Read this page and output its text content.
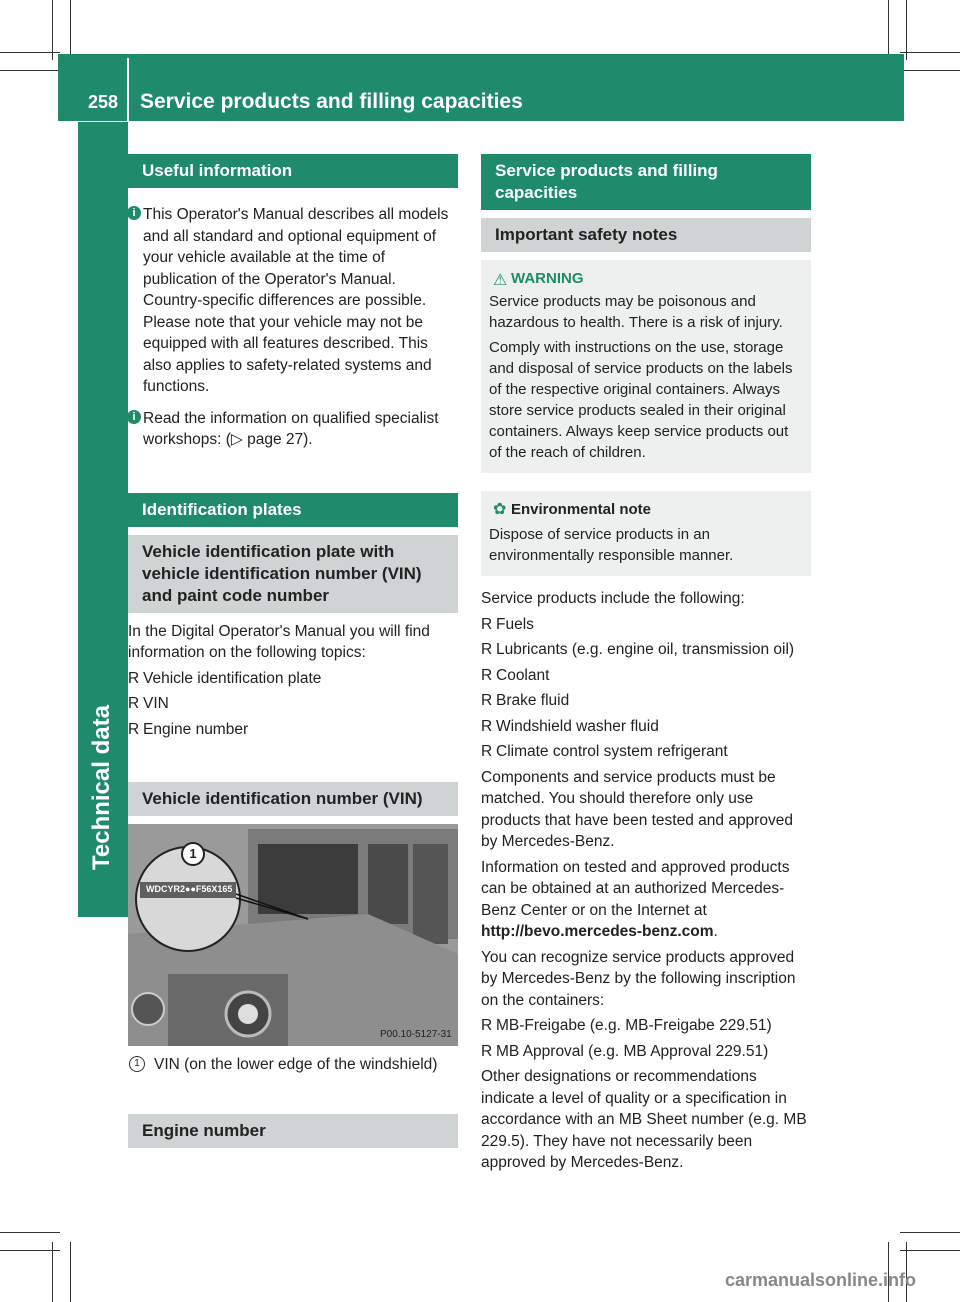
258 Service products and filling capacities
Technical data
Useful information
i This Operator's Manual describes all models and all standard and optional equipment of your vehicle available at the time of publication of the Operator's Manual. Country-specific differences are possible. Please note that your vehicle may not be equipped with all features described. This also applies to safety-related systems and functions.

i Read the information on qualified specialist workshops: (▷ page 27).

Identification plates
Vehicle identification plate with vehicle identification number (VIN) and paint code number

In the Digital Operator's Manual you will find information on the following topics:

R Vehicle identification plate
R VIN
R Engine number
Vehicle identification number (VIN)
WDCYR2●●F56X165
1
P00.10-5127-31
1 VIN (on the lower edge of the windshield)
Engine number
Service products and filling capacities
Important safety notes
⚠ WARNING

Service products may be poisonous and hazardous to health. There is a risk of injury.

Comply with instructions on the use, storage and disposal of service products on the labels of the respective original containers. Always store service products sealed in their original containers. Always keep service products out of the reach of children.

✿ Environmental note

Dispose of service products in an environmentally responsible manner.

Service products include the following:

R Fuels
R Lubricants (e.g. engine oil, transmission oil)
R Coolant
R Brake fluid
R Windshield washer fluid
R Climate control system refrigerant

Components and service products must be matched. You should therefore only use products that have been tested and approved by Mercedes-Benz.

Information on tested and approved products can be obtained at an authorized Mercedes-Benz Center or on the Internet at http://bevo.mercedes-benz.com.

You can recognize service products approved by Mercedes-Benz by the following inscription on the containers:

R MB-Freigabe (e.g. MB-Freigabe 229.51)
R MB Approval (e.g. MB Approval 229.51)

Other designations or recommendations indicate a level of quality or a specification in accordance with an MB Sheet number (e.g. MB 229.5). They have not necessarily been approved by Mercedes-Benz.

carmanualsonline.info
